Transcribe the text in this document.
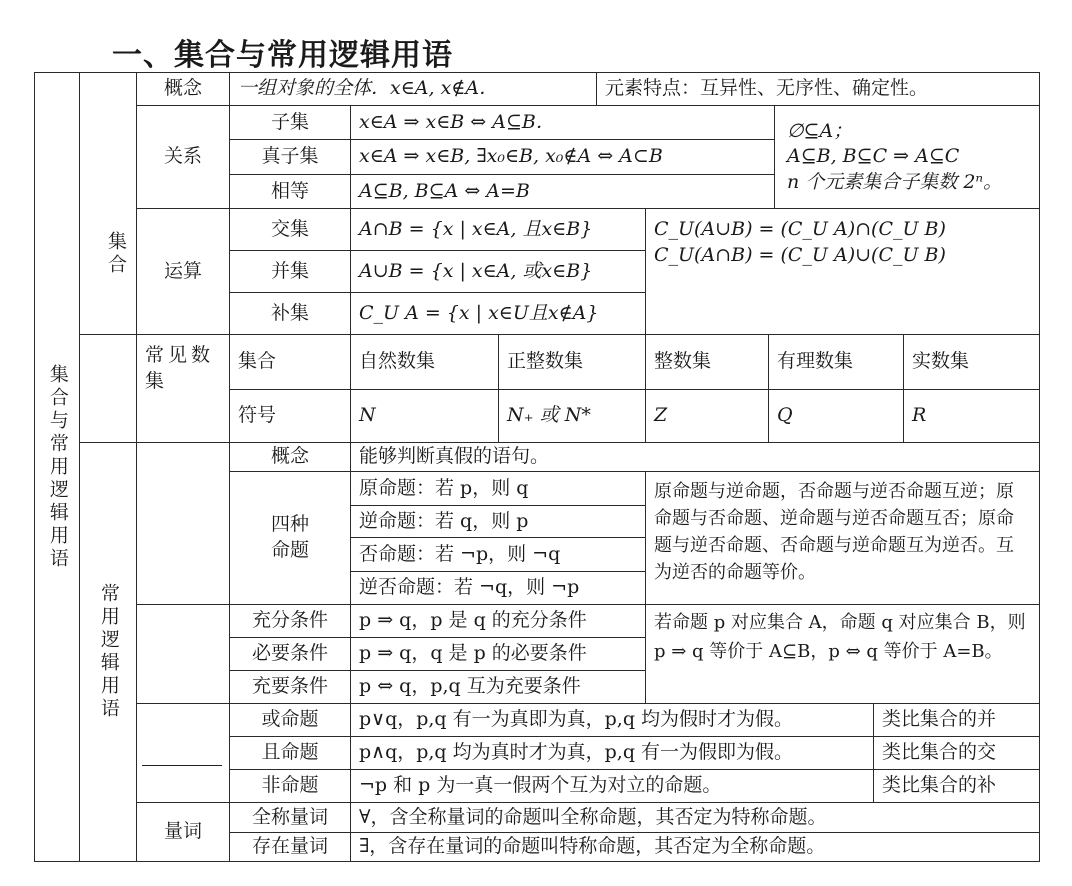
一、集合与常用逻辑用语
集合与常用逻辑用语
集合
概念	一组对象的全体．x∈A, x∉A．	元素特点：互异性、无序性、确定性。
关系
子集	x∈A ⇒ x∈B ⇔ A⊆B．
真子集	x∈A ⇒ x∈B, ∃x₀∈B, x₀∉A ⇔ A⊂B
相等	A⊆B, B⊆A ⇔ A=B
∅⊆A；
A⊆B, B⊆C ⇒ A⊆C
n 个元素集合子集数 2ⁿ。
运算
交集	A∩B = {x | x∈A, 且x∈B}
并集	A∪B = {x | x∈A, 或x∈B}
补集	C_U A = {x | x∈U且x∉A}
C_U(A∪B) = (C_U A)∩(C_U B)
C_U(A∩B) = (C_U A)∪(C_U B)
常见数集
集合	自然数集	正整数集	整数集	有理数集	实数集
符号	N	N₊ 或 N*	Z	Q	R
常用逻辑用语
概念	能够判断真假的语句。
四种
命题
原命题：若 p，则 q
逆命题：若 q，则 p
否命题：若 ¬p，则 ¬q
逆否命题：若 ¬q，则 ¬p
原命题与逆命题，否命题与逆否命题互逆；原命题与否命题、逆命题与逆否命题互否；原命题与逆否命题、否命题与逆命题互为逆否。互为逆否的命题等价。
充分条件	p ⇒ q，p 是 q 的充分条件
必要条件	p ⇒ q，q 是 p 的必要条件
充要条件	p ⇔ q，p,q 互为充要条件
若命题 p 对应集合 A，命题 q 对应集合 B，则 p ⇒ q 等价于 A⊆B，p ⇔ q 等价于 A=B。
或命题	p∨q，p,q 有一为真即为真，p,q 均为假时才为假。	类比集合的并
且命题	p∧q，p,q 均为真时才为真，p,q 有一为假即为假。	类比集合的交
非命题	¬p 和 p 为一真一假两个互为对立的命题。	类比集合的补
量词
全称量词	∀，含全称量词的命题叫全称命题，其否定为特称命题。
存在量词	∃，含存在量词的命题叫特称命题，其否定为全称命题。
